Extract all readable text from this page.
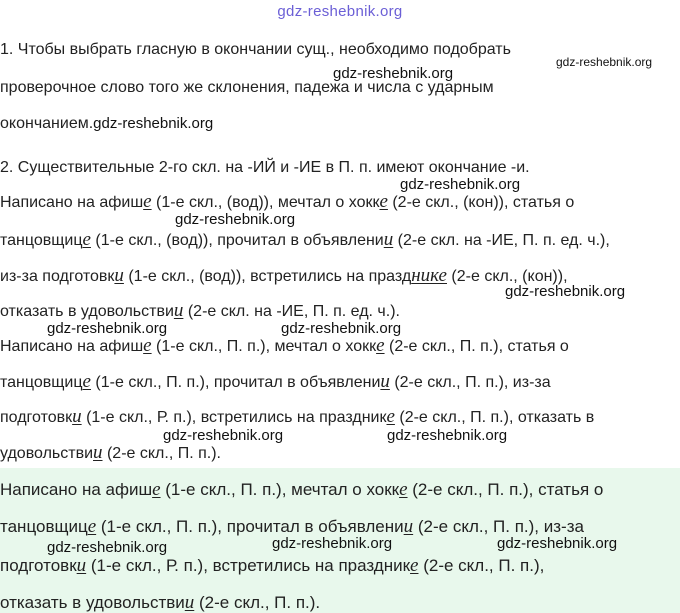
gdz-reshebnik.org
1. Чтобы выбрать гласную в окончании сущ., необходимо подобрать
gdz-reshebnik.org
gdz-reshebnik.org
проверочное слово того же склонения, падежа и числа с ударным
окончанием.gdz-reshebnik.org
2. Существительные 2-го скл. на -ИЙ и -ИЕ в П. п. имеют окончание -и.
gdz-reshebnik.org
Написано на афише (1-е скл., (вод)), мечтал о хокке (2-е скл., (кон)), статья о
gdz-reshebnik.org
танцовщице (1-е скл., (вод)), прочитал в объявлении (2-е скл. на -ИЕ, П. п. ед. ч.),
из-за подготовки (1-е скл., (вод)), встретились на празднике (2-е скл., (кон)),
gdz-reshebnik.org
отказать в удовольствии (2-е скл. на -ИЕ, П. п. ед. ч.).
gdz-reshebnik.org	gdz-reshebnik.org
Написано на афише (1-е скл., П. п.), мечтал о хокке (2-е скл., П. п.), статья о
танцовщице (1-е скл., П. п.), прочитал в объявлении (2-е скл., П. п.), из-за
подготовки (1-е скл., Р. п.), встретились на празднике (2-е скл., П. п.), отказать в
gdz-reshebnik.org	gdz-reshebnik.org
удовольствии (2-е скл., П. п.).
Написано на афише (1-е скл., П. п.), мечтал о хокке (2-е скл., П. п.), статья о
танцовщице (1-е скл., П. п.), прочитал в объявлении (2-е скл., П. п.), из-за
gdz-reshebnik.org	gdz-reshebnik.org	gdz-reshebnik.org
подготовки (1-е скл., Р. п.), встретились на празднике (2-е скл., П. п.),
отказать в удовольствии (2-е скл., П. п.).
